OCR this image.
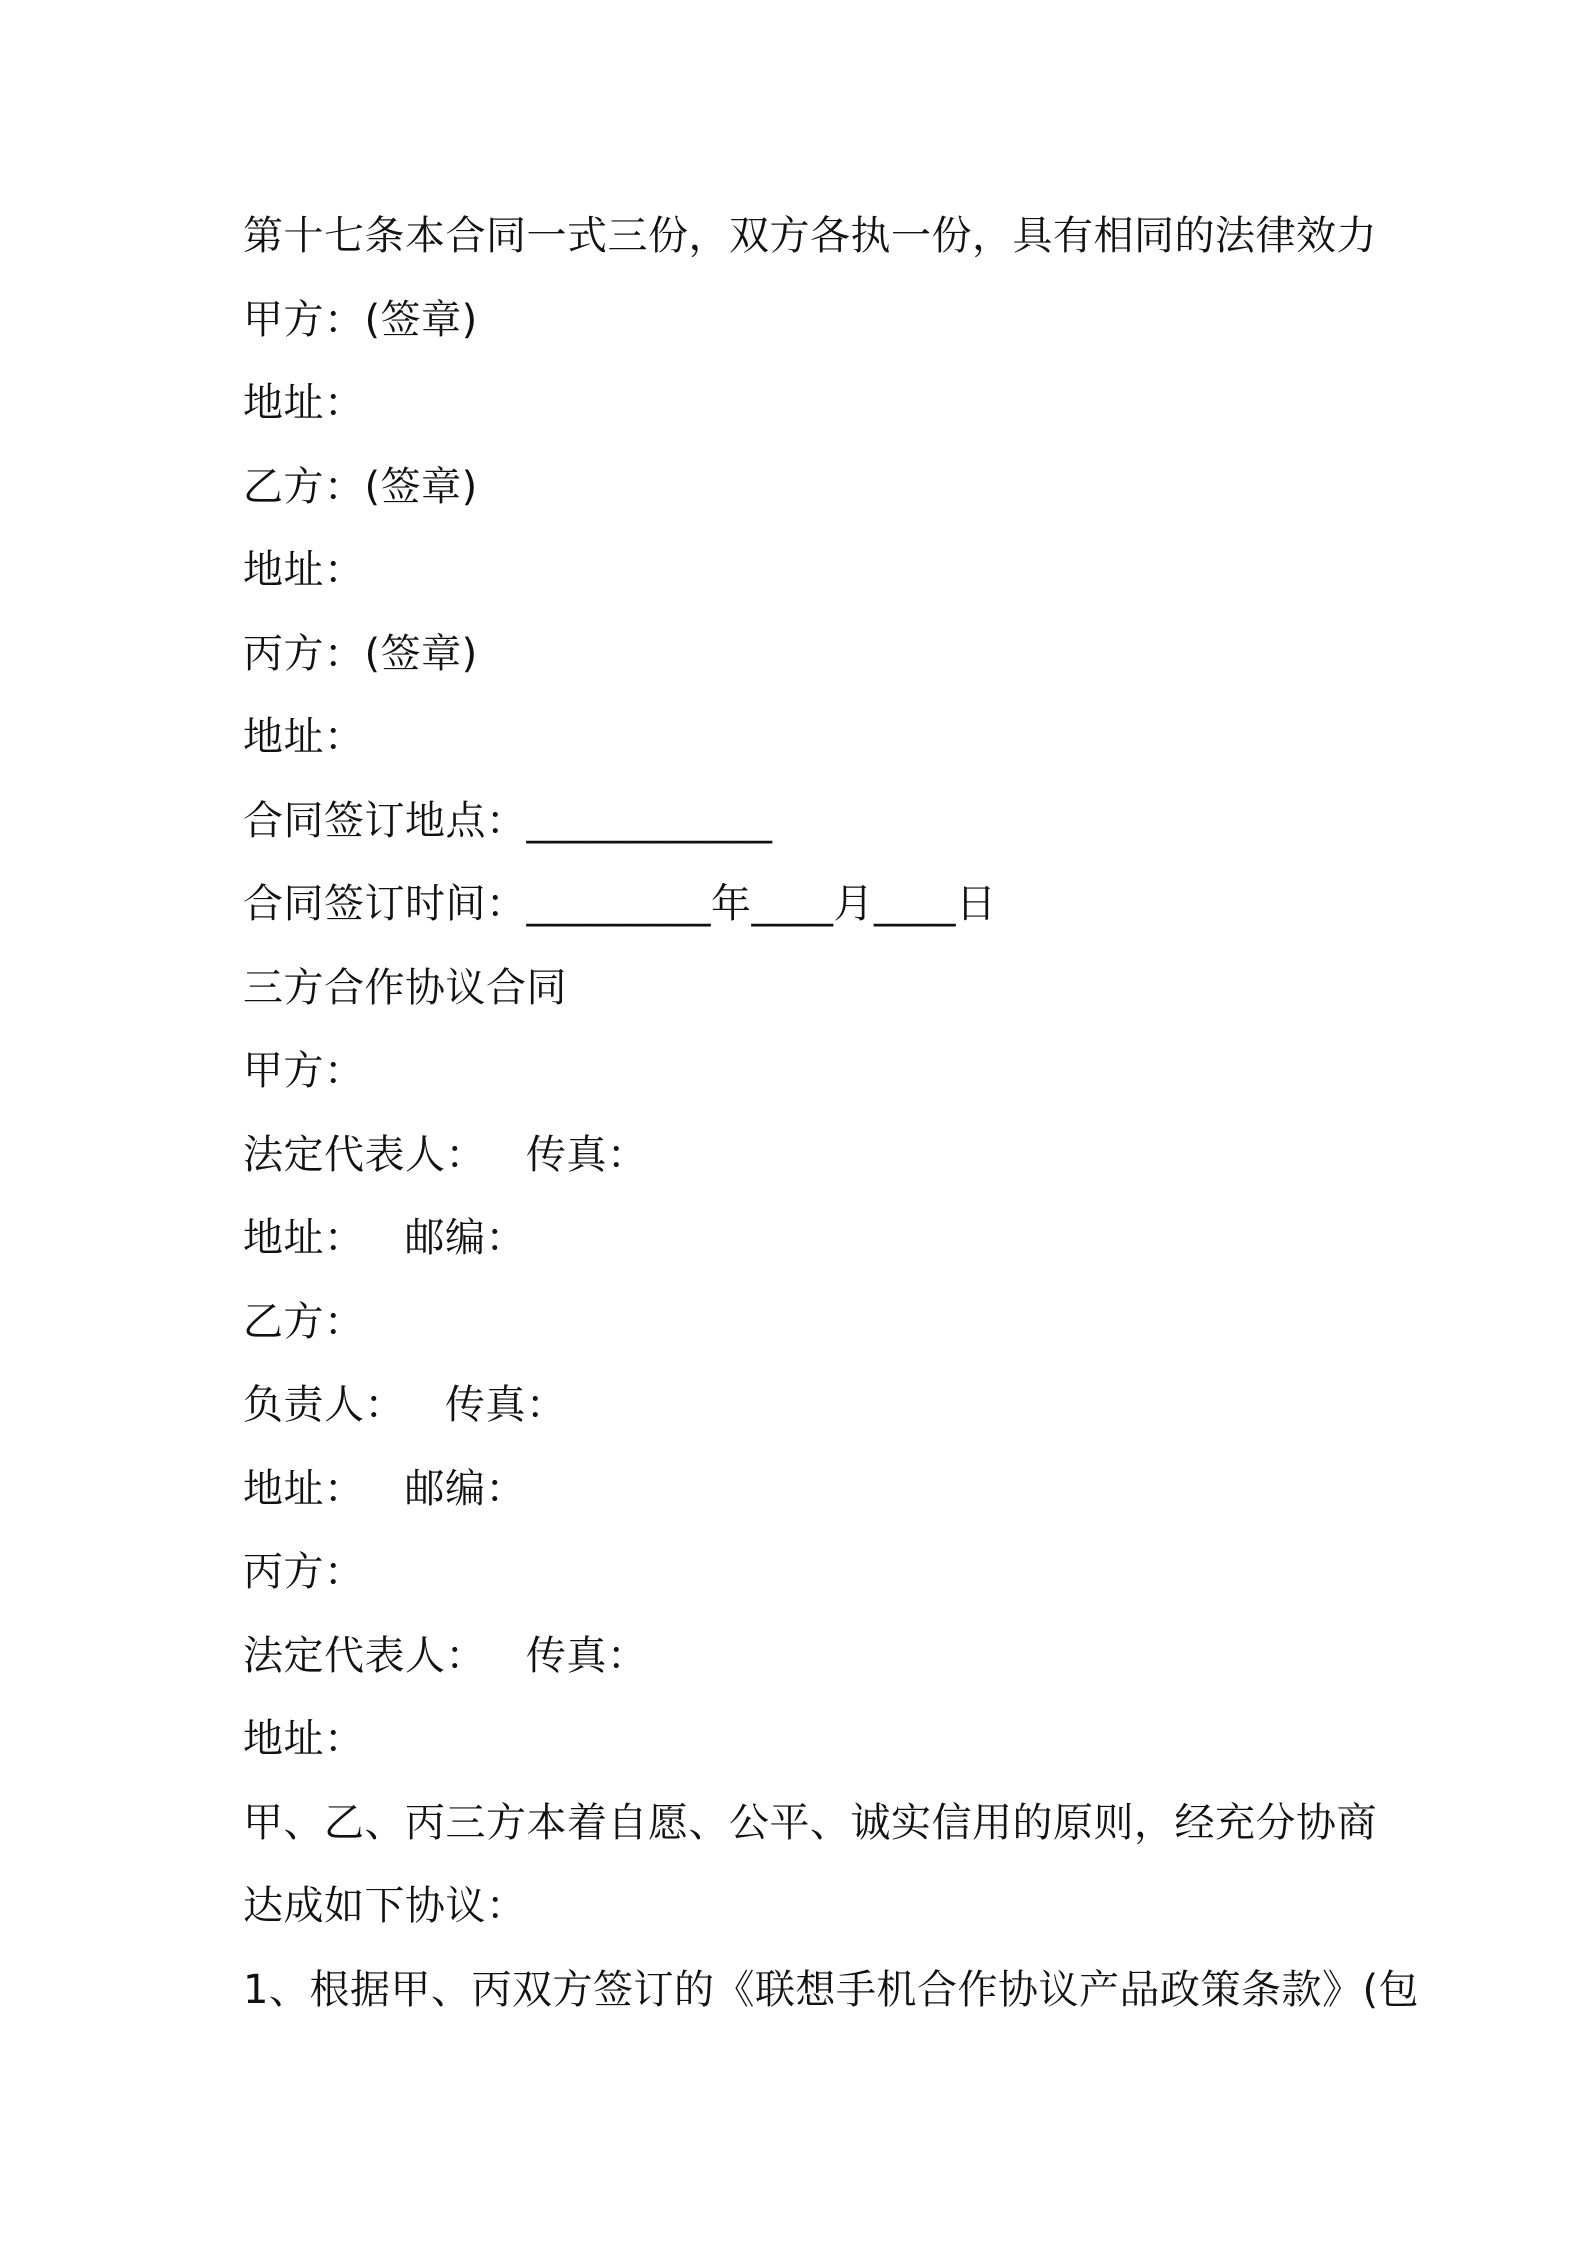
第十七条本合同一式三份，双方各执一份，具有相同的法律效力
甲方：(签章)
地址：
乙方：(签章)
地址：
丙方：(签章)
地址：
合同签订地点：____________
合同签订时间：_________年____月____日
三方合作协议合同
甲方：
法定代表人： 传真：
地址： 邮编：
乙方：
负责人： 传真：
地址： 邮编：
丙方：
法定代表人： 传真：
地址：
甲、乙、丙三方本着自愿、公平、诚实信用的原则，经充分协商
达成如下协议：
1、根据甲、丙双方签订的《联想手机合作协议产品政策条款》(包
